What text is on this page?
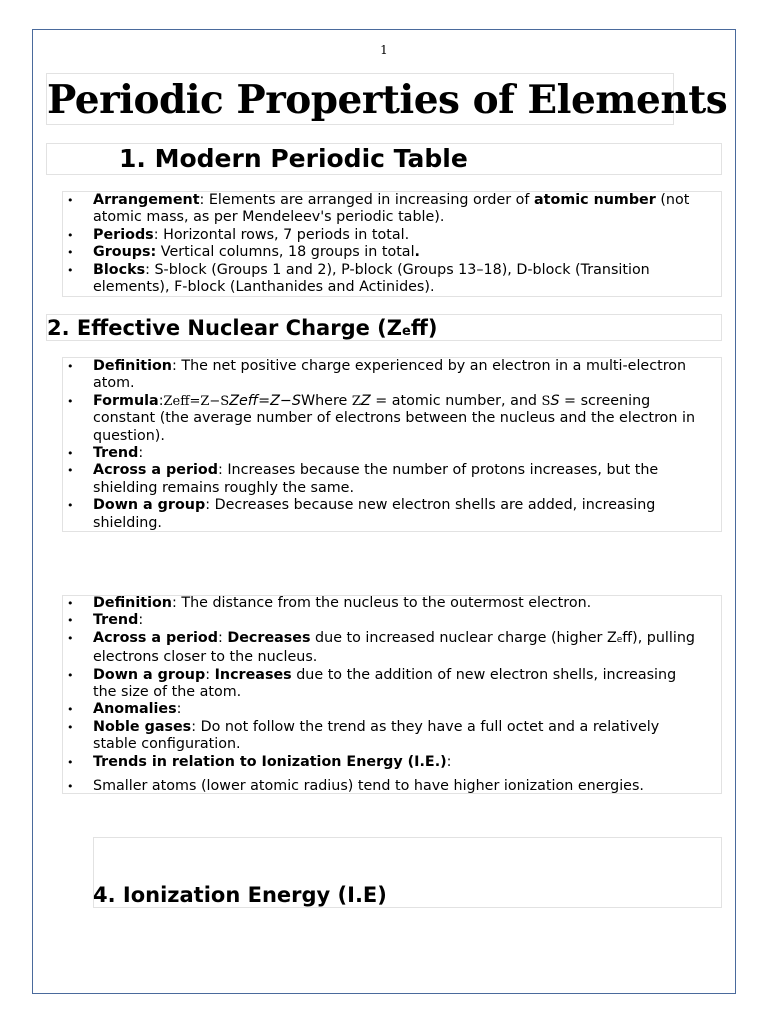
1
Periodic Properties of Elements
1. Modern Periodic Table
• Arrangement: Elements are arranged in increasing order of atomic number (not atomic mass, as per Mendeleev's periodic table).
• Periods: Horizontal rows, 7 periods in total.
• Groups: Vertical columns, 18 groups in total.
• Blocks: S-block (Groups 1 and 2), P-block (Groups 13–18), D-block (Transition elements), F-block (Lanthanides and Actinides).
2. Effective Nuclear Charge (Zeff)
• Definition: The net positive charge experienced by an electron in a multi-electron atom.
• Formula:Zeff=Z−SZeff=Z−SWhere ZZ = atomic number, and SS = screening constant (the average number of electrons between the nucleus and the electron in question).
• Trend:
• Across a period: Increases because the number of protons increases, but the shielding remains roughly the same.
• Down a group: Decreases because new electron shells are added, increasing shielding.
• Definition: The distance from the nucleus to the outermost electron.
• Trend:
• Across a period: Decreases due to increased nuclear charge (higher Zeff), pulling electrons closer to the nucleus.
• Down a group: Increases due to the addition of new electron shells, increasing the size of the atom.
• Anomalies:
• Noble gases: Do not follow the trend as they have a full octet and a relatively stable configuration.
• Trends in relation to Ionization Energy (I.E.):
• Smaller atoms (lower atomic radius) tend to have higher ionization energies.
4. Ionization Energy (I.E)
